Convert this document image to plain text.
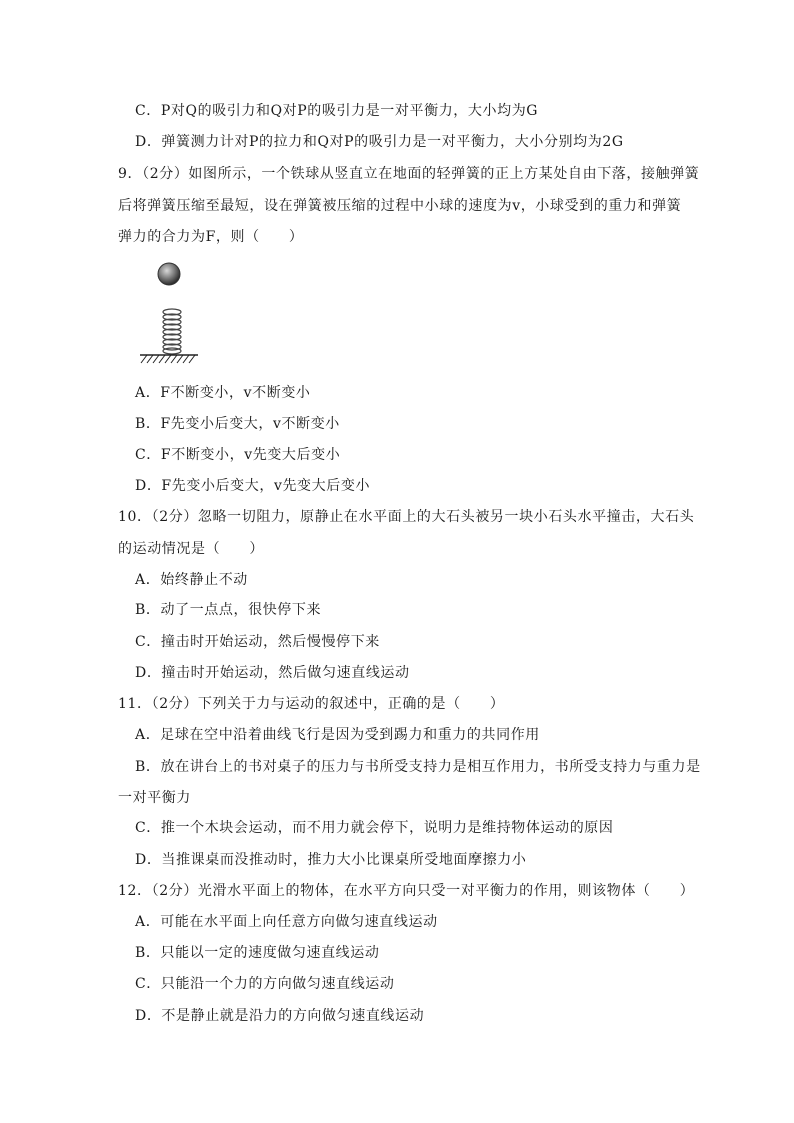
C．P对Q的吸引力和Q对P的吸引力是一对平衡力，大小均为G
D．弹簧测力计对P的拉力和Q对P的吸引力是一对平衡力，大小分别均为2G
9．（2分）如图所示，一个铁球从竖直立在地面的轻弹簧的正上方某处自由下落，接触弹簧
后将弹簧压缩至最短，设在弹簧被压缩的过程中小球的速度为v，小球受到的重力和弹簧
弹力的合力为F，则（　　）
A．F不断变小，v不断变小
B．F先变小后变大，v不断变小
C．F不断变小，v先变大后变小
D．F先变小后变大，v先变大后变小
10．（2分）忽略一切阻力，原静止在水平面上的大石头被另一块小石头水平撞击，大石头
的运动情况是（　　）
A．始终静止不动
B．动了一点点，很快停下来
C．撞击时开始运动，然后慢慢停下来
D．撞击时开始运动，然后做匀速直线运动
11．（2分）下列关于力与运动的叙述中，正确的是（　　）
A．足球在空中沿着曲线飞行是因为受到踢力和重力的共同作用
B．放在讲台上的书对桌子的压力与书所受支持力是相互作用力，书所受支持力与重力是
一对平衡力
C．推一个木块会运动，而不用力就会停下，说明力是维持物体运动的原因
D．当推课桌而没推动时，推力大小比课桌所受地面摩擦力小
12．（2分）光滑水平面上的物体，在水平方向只受一对平衡力的作用，则该物体（　　）
A．可能在水平面上向任意方向做匀速直线运动
B．只能以一定的速度做匀速直线运动
C．只能沿一个力的方向做匀速直线运动
D．不是静止就是沿力的方向做匀速直线运动
